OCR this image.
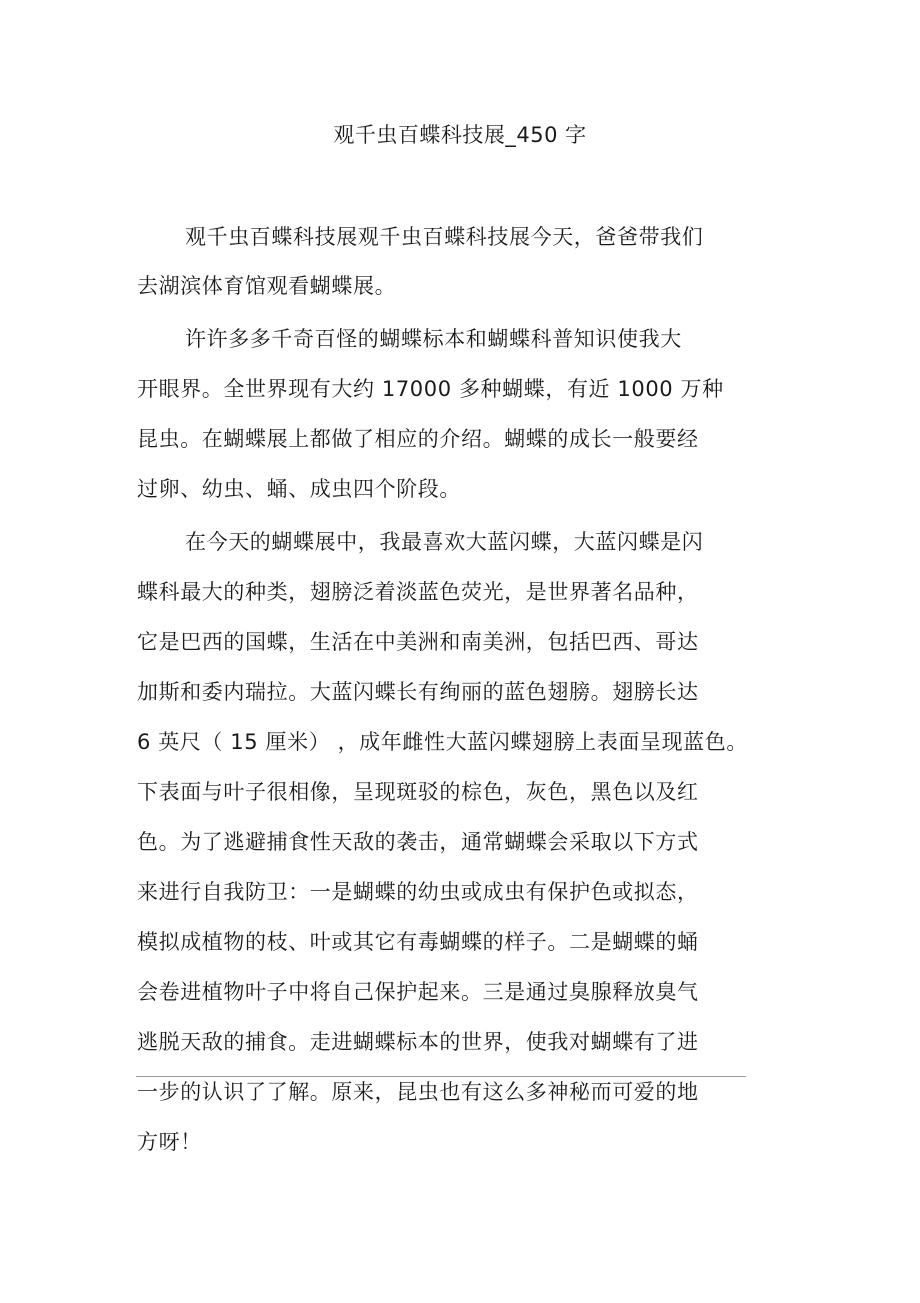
观千虫百蝶科技展_450 字
观千虫百蝶科技展观千虫百蝶科技展今天，爸爸带我们
去湖滨体育馆观看蝴蝶展。
许许多多千奇百怪的蝴蝶标本和蝴蝶科普知识使我大
开眼界。全世界现有大约 17000 多种蝴蝶，有近 1000 万种
昆虫。在蝴蝶展上都做了相应的介绍。蝴蝶的成长一般要经
过卵、幼虫、蛹、成虫四个阶段。
在今天的蝴蝶展中，我最喜欢大蓝闪蝶，大蓝闪蝶是闪
蝶科最大的种类，翅膀泛着淡蓝色荧光，是世界著名品种，
它是巴西的国蝶，生活在中美洲和南美洲，包括巴西、哥达
加斯和委内瑞拉。大蓝闪蝶长有绚丽的蓝色翅膀。翅膀长达
6 英尺（ 15 厘米） ，成年雌性大蓝闪蝶翅膀上表面呈现蓝色。
下表面与叶子很相像，呈现斑驳的棕色，灰色，黑色以及红
色。为了逃避捕食性天敌的袭击，通常蝴蝶会采取以下方式
来进行自我防卫：一是蝴蝶的幼虫或成虫有保护色或拟态，
模拟成植物的枝、叶或其它有毒蝴蝶的样子。二是蝴蝶的蛹
会卷进植物叶子中将自己保护起来。三是通过臭腺释放臭气
逃脱天敌的捕食。走进蝴蝶标本的世界，使我对蝴蝶有了进
一步的认识了了解。原来，昆虫也有这么多神秘而可爱的地
方呀！
